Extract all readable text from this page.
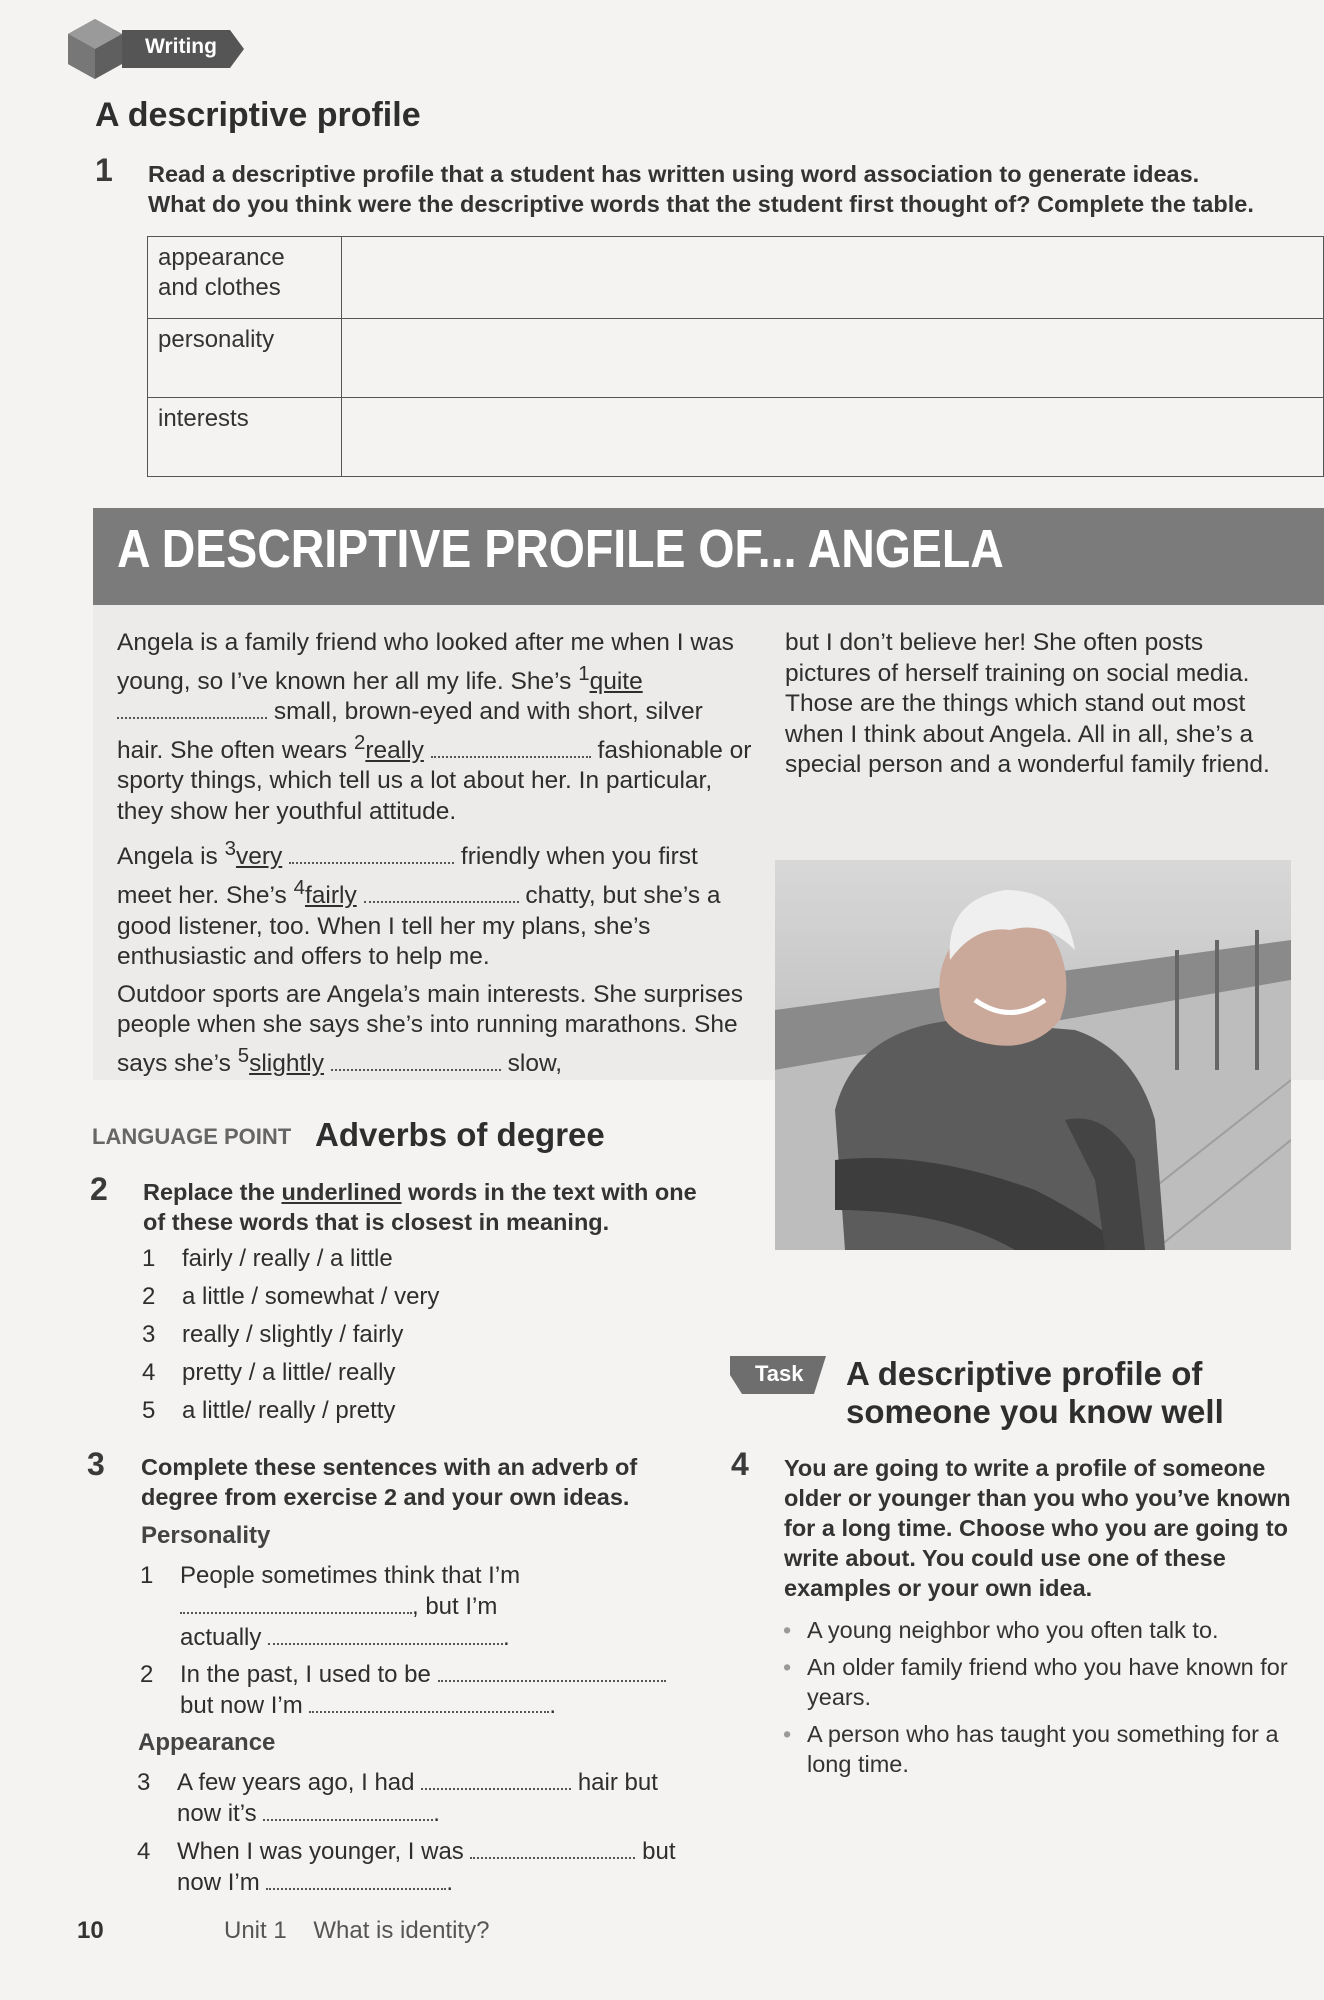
Writing
A descriptive profile
1 Read a descriptive profile that a student has written using word association to generate ideas.
What do you think were the descriptive words that the student first thought of? Complete the table.
appearance and clothes	

personality	
interests	
A DESCRIPTIVE PROFILE OF... ANGELA

Angela is a family friend who looked after me when I was young, so I’ve known her all my life. She’s $^1$quite  small, brown-eyed and with short, silver hair. She often wears $^2$really	fashionable or sporty things, which tell us a lot about her. In particular, they show her youthful attitude.

Angela is $^3$very	friendly when you first meet her. She’s $^4$fairly	chatty, but she’s a good listener, too. When I tell her my plans, she’s enthusiastic and offers to help me.

Outdoor sports are Angela’s main interests. She surprises people when she says she’s into running marathons. She says she’s $^5$slightly	slow,

but I don’t believe her! She often posts pictures of herself training on social media. Those are the things which stand out most when I think about Angela. All in all, she’s a special person and a wonderful family friend.

LANGUAGE POINT Adverbs of degree
2 Replace the underlined words in the text with one of these words that is closest in meaning.
1 fairly / really / a little
2 a little / somewhat / very
3 really / slightly / fairly
4 pretty / a little/ really
5 a little/ really / pretty
3 Complete these sentences with an adverb of degree from exercise 2 and your own ideas.
Personality
1 People sometimes think that I’m
, but I’m
actually	.
2 In the past, I used to be
but now I’m	.
Appearance
3 A few years ago, I had	hair but
now it’s	.
4 When I was younger, I was	but
now I’m	.
Task A descriptive profile of
someone you know well
4 You are going to write a profile of someone older or younger than you who you’ve known for a long time. Choose who you are going to write about. You could use one of these examples or your own idea.
• A young neighbor who you often talk to.
• An older family friend who you have known for years.
• A person who has taught you something for a long time.
10	Unit 1    What is identity?
